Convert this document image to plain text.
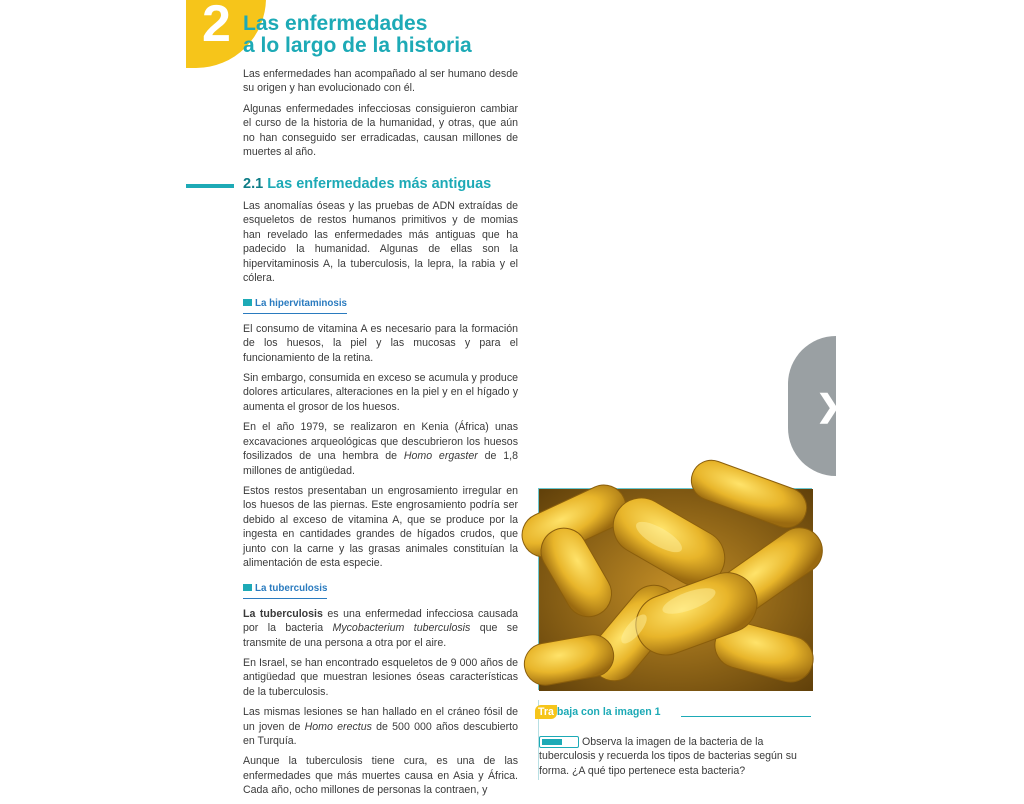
2 Las enfermedades
a lo largo de la historia

Las enfermedades han acompañado al ser humano desde su origen y han evolucionado con él.

Algunas enfermedades infecciosas consiguieron cambiar el curso de la historia de la humanidad, y otras, que aún no han conseguido ser erradicadas, causan millones de muertes al año.

2.1 Las enfermedades más antiguas

Las anomalías óseas y las pruebas de ADN extraídas de esqueletos de restos humanos primitivos y de momias han revelado las enfermedades más antiguas que ha padecido la humanidad. Algunas de ellas son la hipervitaminosis A, la tuberculosis, la lepra, la rabia y el cólera.

La hipervitaminosis

El consumo de vitamina A es necesario para la formación de los huesos, la piel y las mucosas y para el funcionamiento de la retina.

Sin embargo, consumida en exceso se acumula y produce dolores articulares, alteraciones en la piel y en el hígado y aumenta el grosor de los huesos.

En el año 1979, se realizaron en Kenia (África) unas excavaciones arqueológicas que descubrieron los huesos fosilizados de una hembra de Homo ergaster de 1,8 millones de antigüedad.

Estos restos presentaban un engrosamiento irregular en los huesos de las piernas. Este engrosamiento podría ser debido al exceso de vitamina A, que se produce por la ingesta en cantidades grandes de hígados crudos, que junto con la carne y las grasas animales constituían la alimentación de esta especie.

La tuberculosis

La tuberculosis es una enfermedad infecciosa causada por la bacteria Mycobacterium tuberculosis que se transmite de una persona a otra por el aire.

En Israel, se han encontrado esqueletos de 9 000 años de antigüedad que muestran lesiones óseas características de la tuberculosis.

Las mismas lesiones se han hallado en el cráneo fósil de un joven de Homo erectus de 500 000 años descubierto en Turquía.

Aunque la tuberculosis tiene cura, es una de las enfermedades que más muertes causa en Asia y África. Cada año, ocho millones de personas la contraen, y

Tra baja con la imagen 1
Observa la imagen de la bacteria de la tuberculosis y recuerda los tipos de bacterias según su forma. ¿A qué tipo pertenece esta bacteria?
❯
